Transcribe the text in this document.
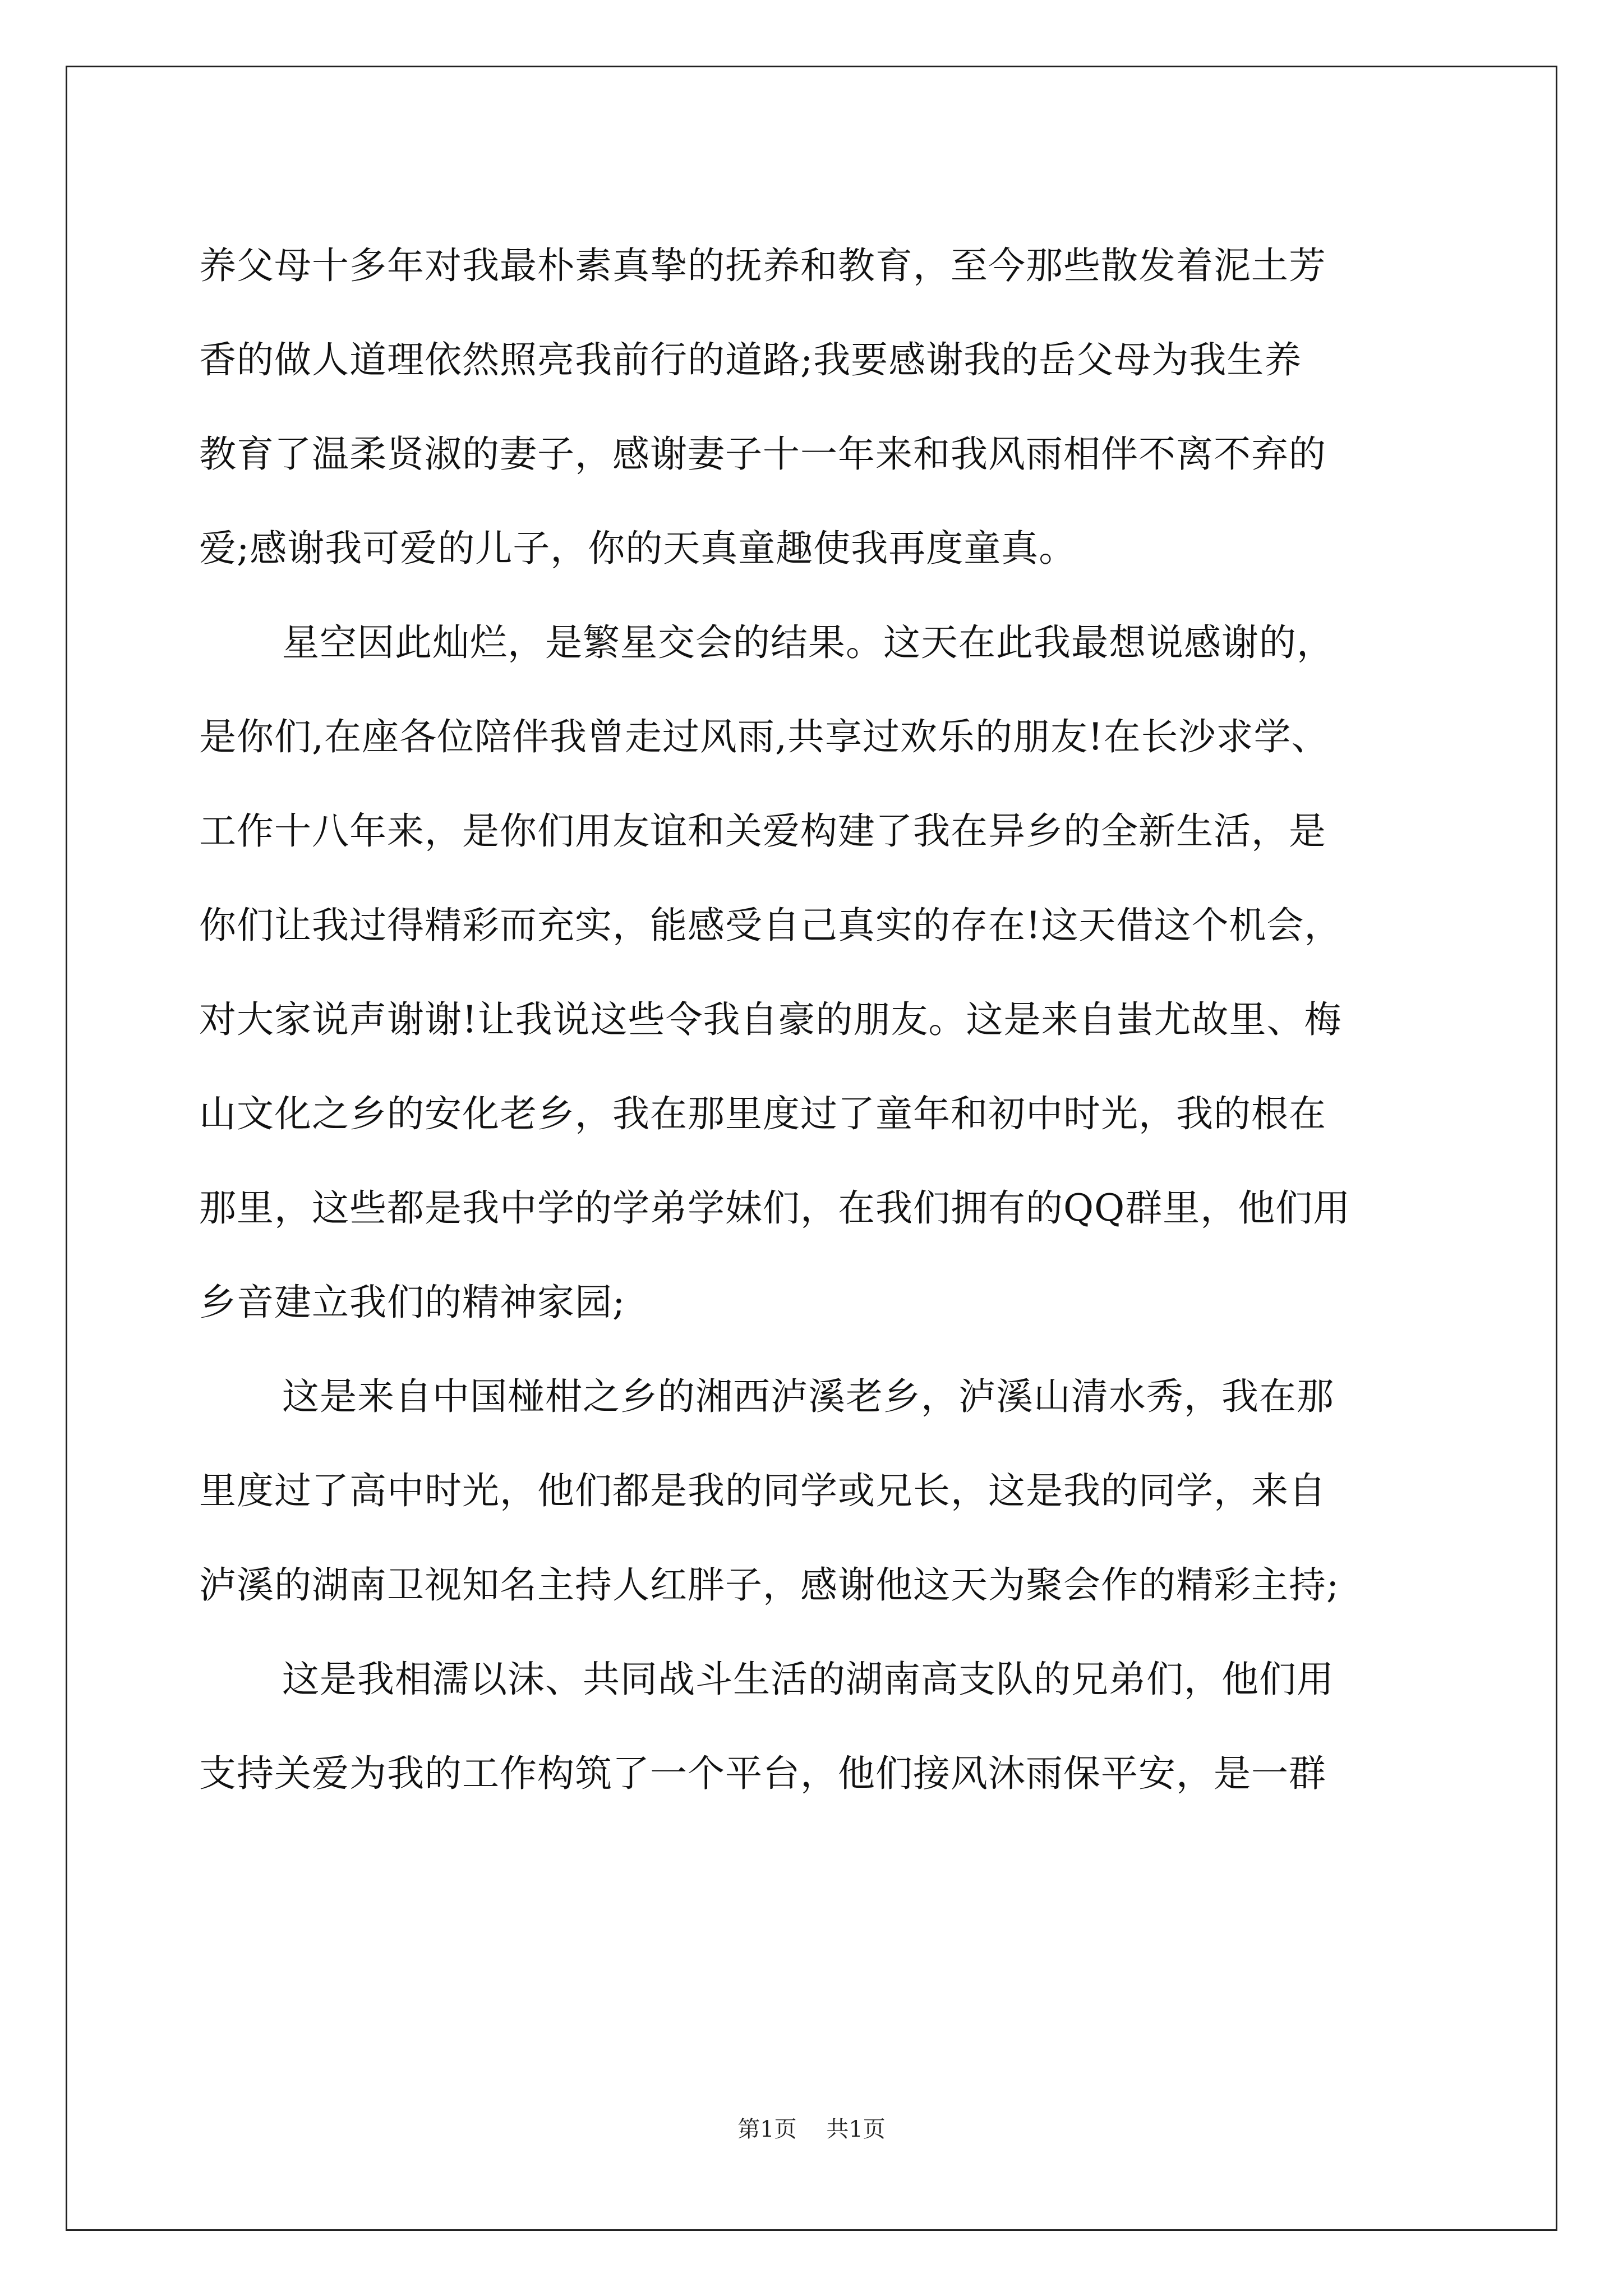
养父母十多年对我最朴素真挚的抚养和教育，至今那些散发着泥土芳
香的做人道理依然照亮我前行的道路;我要感谢我的岳父母为我生养
教育了温柔贤淑的妻子，感谢妻子十一年来和我风雨相伴不离不弃的
爱;感谢我可爱的儿子，你的天真童趣使我再度童真。
星空因此灿烂，是繁星交会的结果。这天在此我最想说感谢的，
是你们,在座各位陪伴我曾走过风雨,共享过欢乐的朋友!在长沙求学、
工作十八年来，是你们用友谊和关爱构建了我在异乡的全新生活，是
你们让我过得精彩而充实，能感受自己真实的存在!这天借这个机会，
对大家说声谢谢!让我说这些令我自豪的朋友。这是来自蚩尤故里、梅
山文化之乡的安化老乡，我在那里度过了童年和初中时光，我的根在
那里，这些都是我中学的学弟学妹们，在我们拥有的QQ群里，他们用
乡音建立我们的精神家园;
这是来自中国椪柑之乡的湘西泸溪老乡，泸溪山清水秀，我在那
里度过了高中时光，他们都是我的同学或兄长，这是我的同学，来自
泸溪的湖南卫视知名主持人红胖子，感谢他这天为聚会作的精彩主持;
这是我相濡以沫、共同战斗生活的湖南高支队的兄弟们，他们用
支持关爱为我的工作构筑了一个平台，他们接风沐雨保平安，是一群
第1页 共1页
